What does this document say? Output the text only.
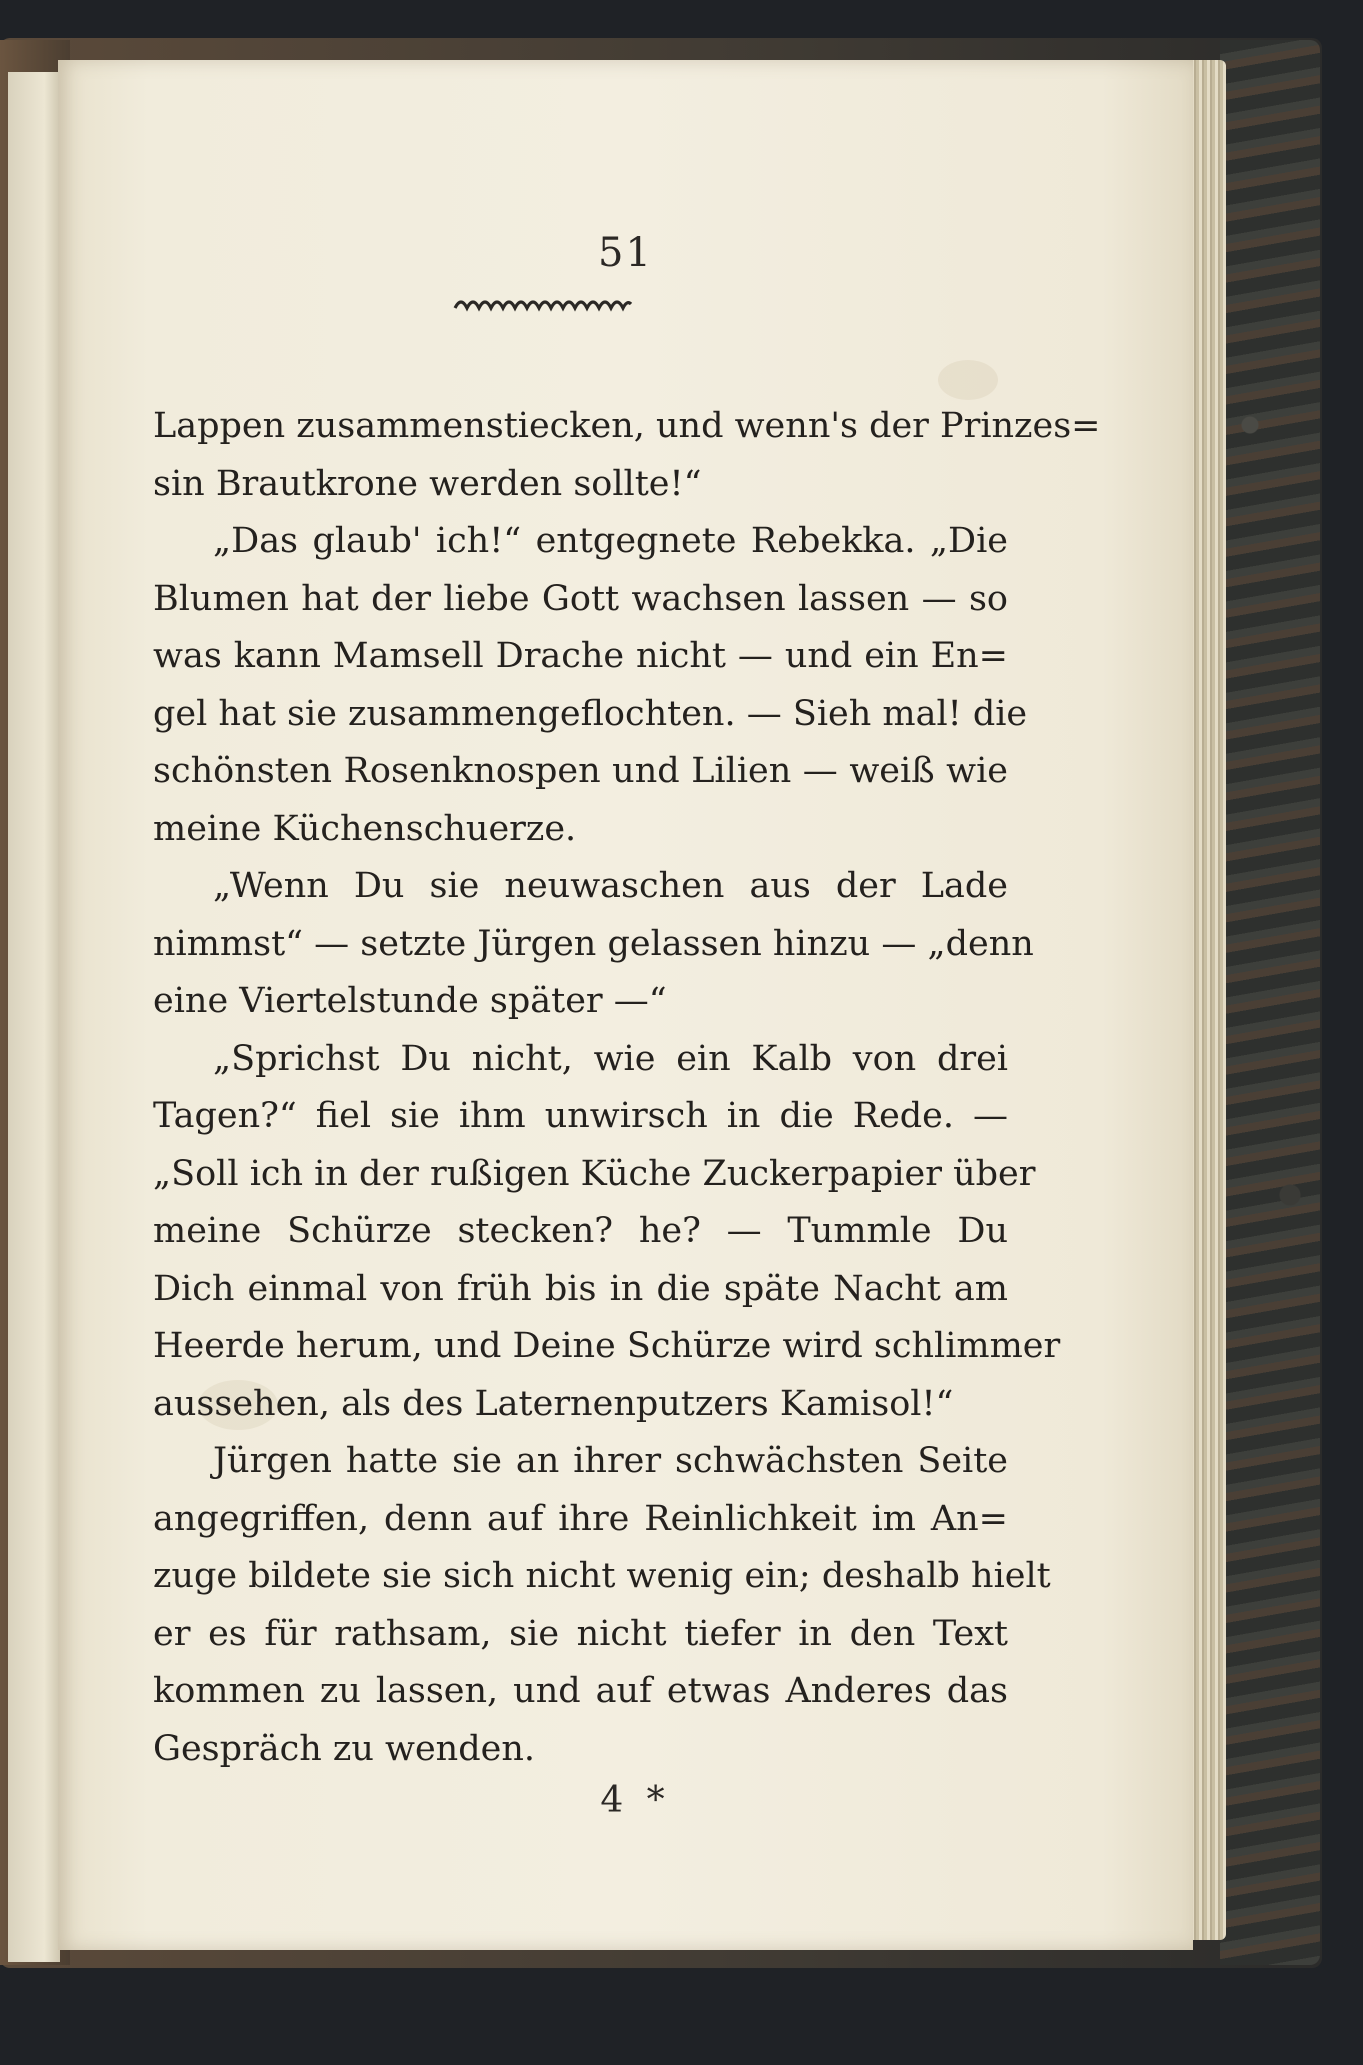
51
Lappen zusammenstiecken, und wenn's der Prinzes=
sin Brautkrone werden sollte!“
„Das glaub' ich!“ entgegnete Rebekka. „Die
Blumen hat der liebe Gott wachsen lassen — so
was kann Mamsell Drache nicht — und ein En=
gel hat sie zusammengeflochten. — Sieh mal! die
schönsten Rosenknospen und Lilien — weiß wie
meine Küchenschuerze.
„Wenn Du sie neuwaschen aus der Lade
nimmst“ — setzte Jürgen gelassen hinzu — „denn
eine Viertelstunde später —“
„Sprichst Du nicht, wie ein Kalb von drei
Tagen?“ fiel sie ihm unwirsch in die Rede. —
„Soll ich in der rußigen Küche Zuckerpapier über
meine Schürze stecken? he? — Tummle Du
Dich einmal von früh bis in die späte Nacht am
Heerde herum, und Deine Schürze wird schlimmer
aussehen, als des Laternenputzers Kamisol!“
Jürgen hatte sie an ihrer schwächsten Seite
angegriffen, denn auf ihre Reinlichkeit im An=
zuge bildete sie sich nicht wenig ein; deshalb hielt
er es für rathsam, sie nicht tiefer in den Text
kommen zu lassen, und auf etwas Anderes das
Gespräch zu wenden.
4 *
